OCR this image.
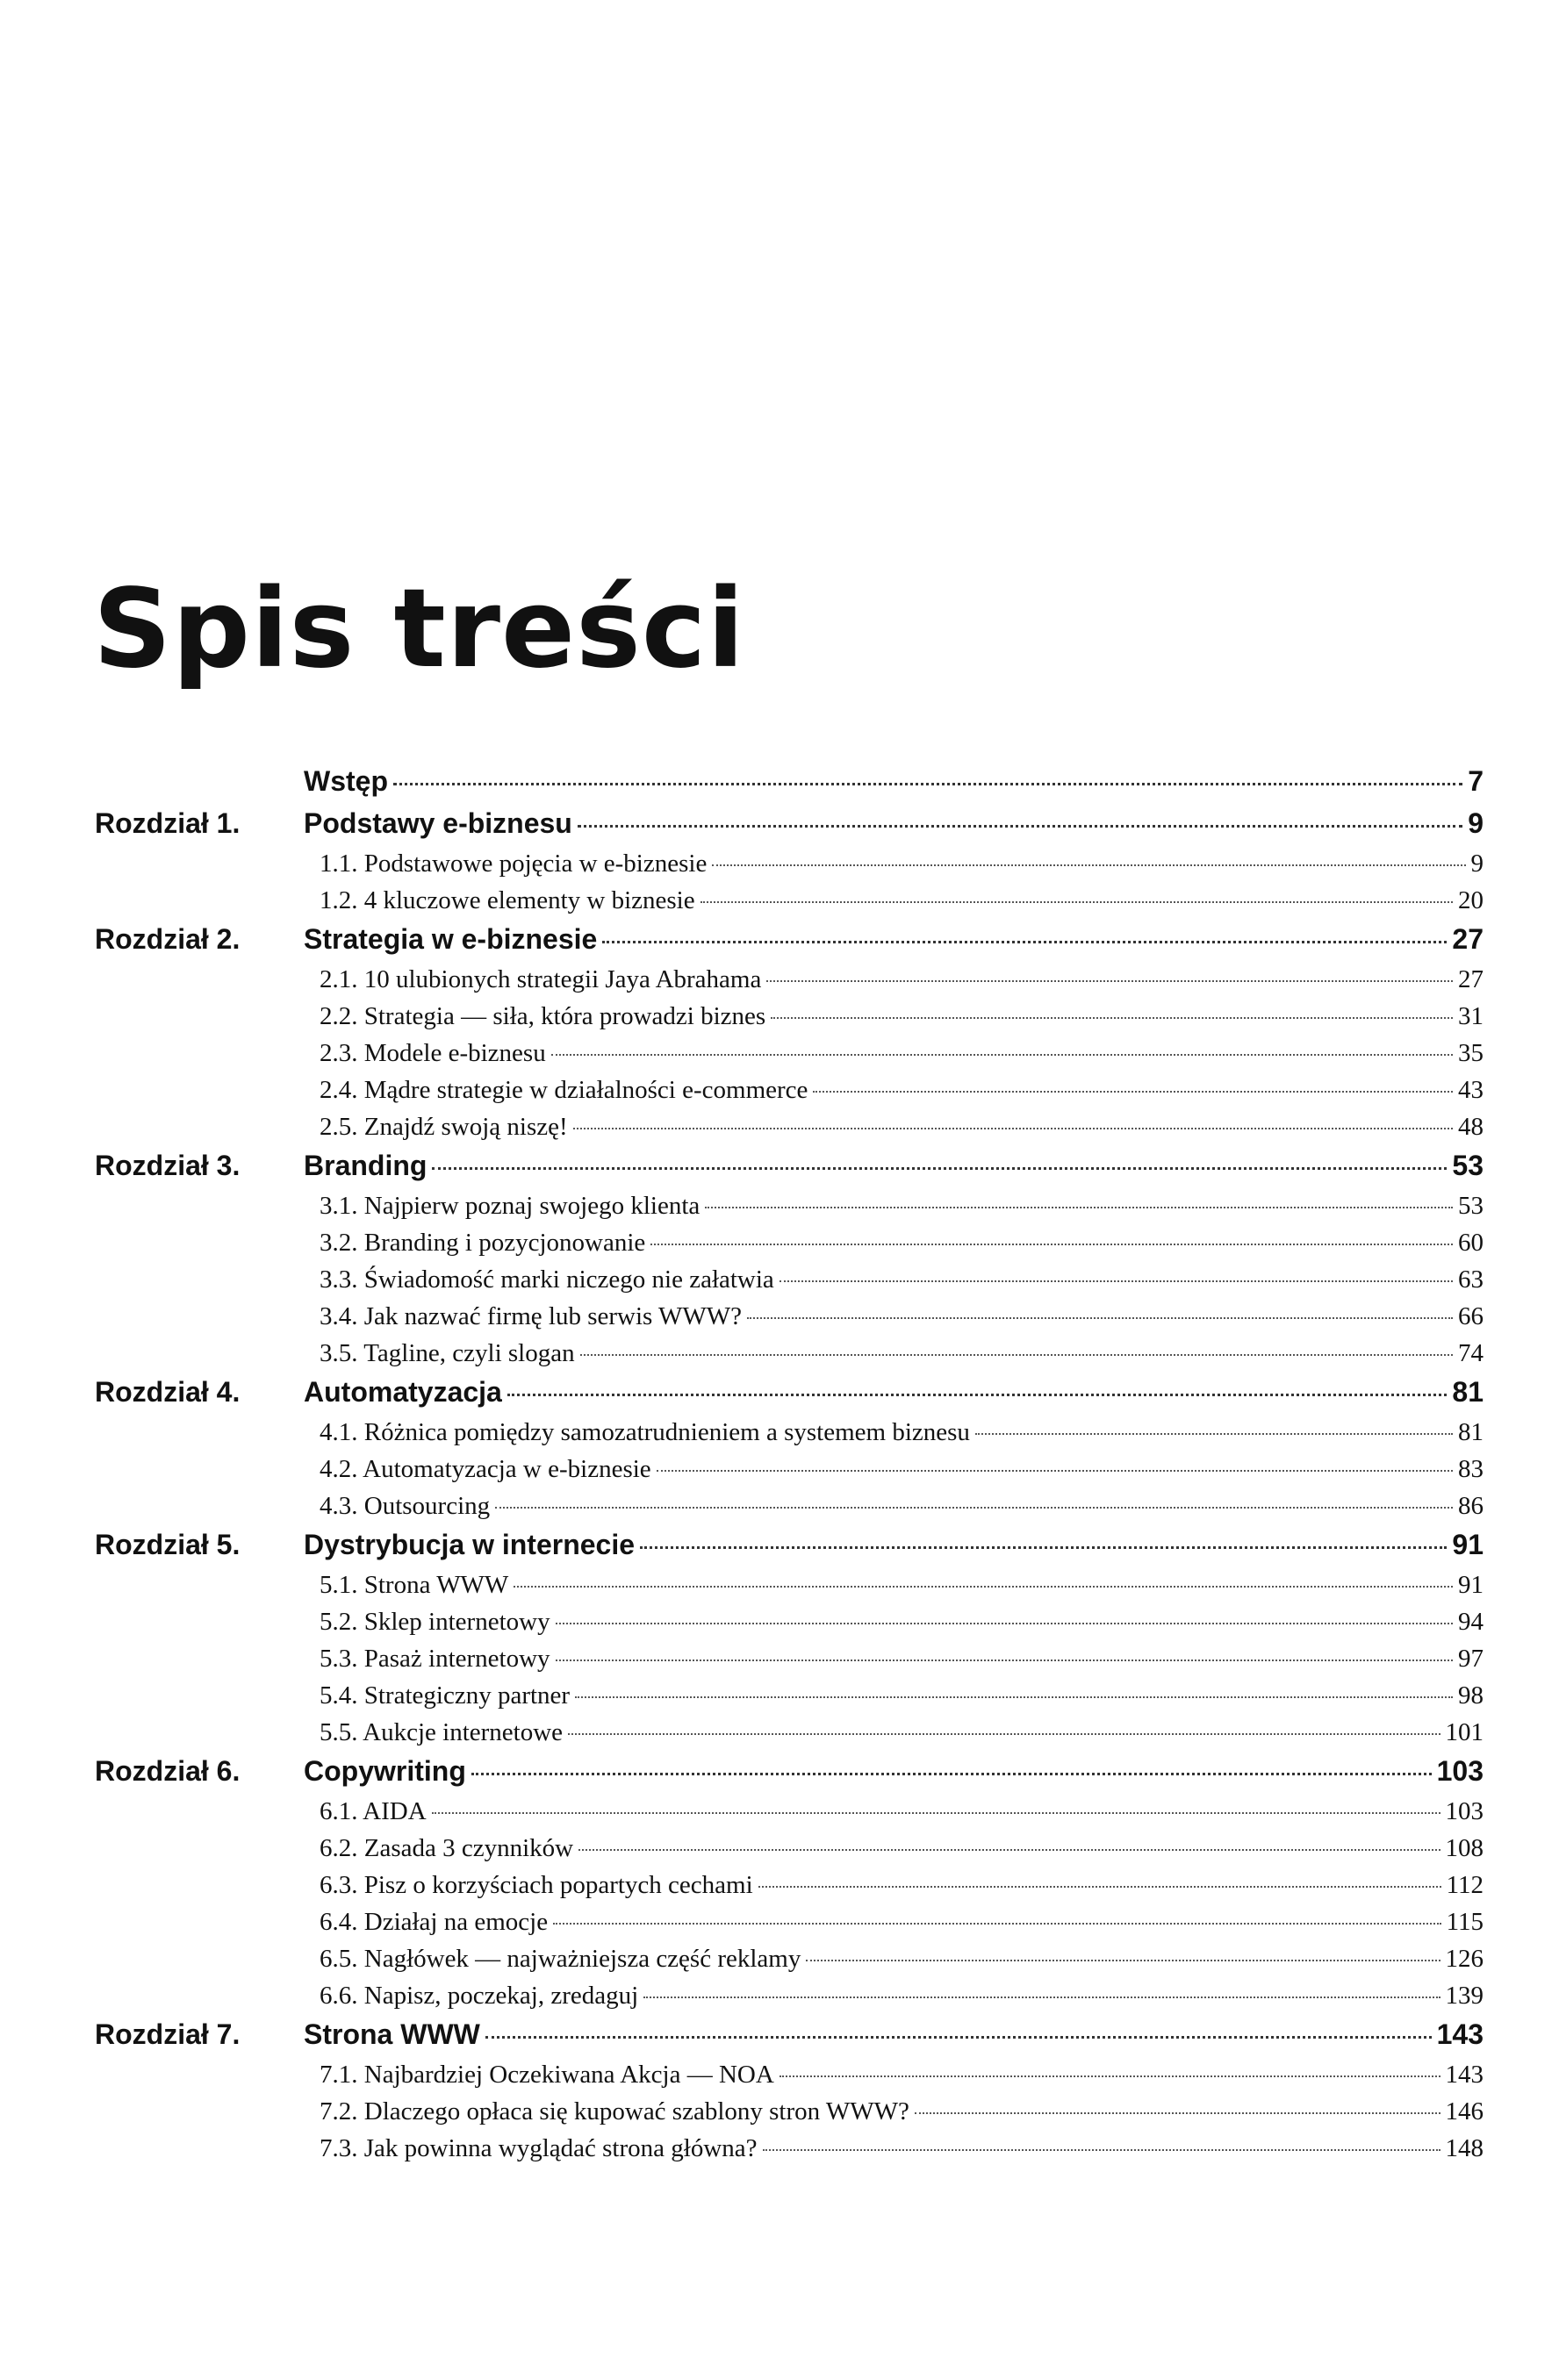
Spis treści
Wstęp	7
Rozdział 1. Podstawy e-biznesu	9
1.1. Podstawowe pojęcia w e-biznesie	9
1.2. 4 kluczowe elementy w biznesie	20
Rozdział 2. Strategia w e-biznesie	27
2.1. 10 ulubionych strategii Jaya Abrahama	27
2.2. Strategia — siła, która prowadzi biznes	31
2.3. Modele e-biznesu	35
2.4. Mądre strategie w działalności e-commerce	43
2.5. Znajdź swoją niszę!	48
Rozdział 3. Branding	53
3.1. Najpierw poznaj swojego klienta	53
3.2. Branding i pozycjonowanie	60
3.3. Świadomość marki niczego nie załatwia	63
3.4. Jak nazwać firmę lub serwis WWW?	66
3.5. Tagline, czyli slogan	74
Rozdział 4. Automatyzacja	81
4.1. Różnica pomiędzy samozatrudnieniem a systemem biznesu	81
4.2. Automatyzacja w e-biznesie	83
4.3. Outsourcing	86
Rozdział 5. Dystrybucja w internecie	91
5.1. Strona WWW	91
5.2. Sklep internetowy	94
5.3. Pasaż internetowy	97
5.4. Strategiczny partner	98
5.5. Aukcje internetowe	101
Rozdział 6. Copywriting	103
6.1. AIDA	103
6.2. Zasada 3 czynników	108
6.3. Pisz o korzyściach popartych cechami	112
6.4. Działaj na emocje	115
6.5. Nagłówek — najważniejsza część reklamy	126
6.6. Napisz, poczekaj, zredaguj	139
Rozdział 7. Strona WWW	143
7.1. Najbardziej Oczekiwana Akcja — NOA	143
7.2. Dlaczego opłaca się kupować szablony stron WWW?	146
7.3. Jak powinna wyglądać strona główna?	148
